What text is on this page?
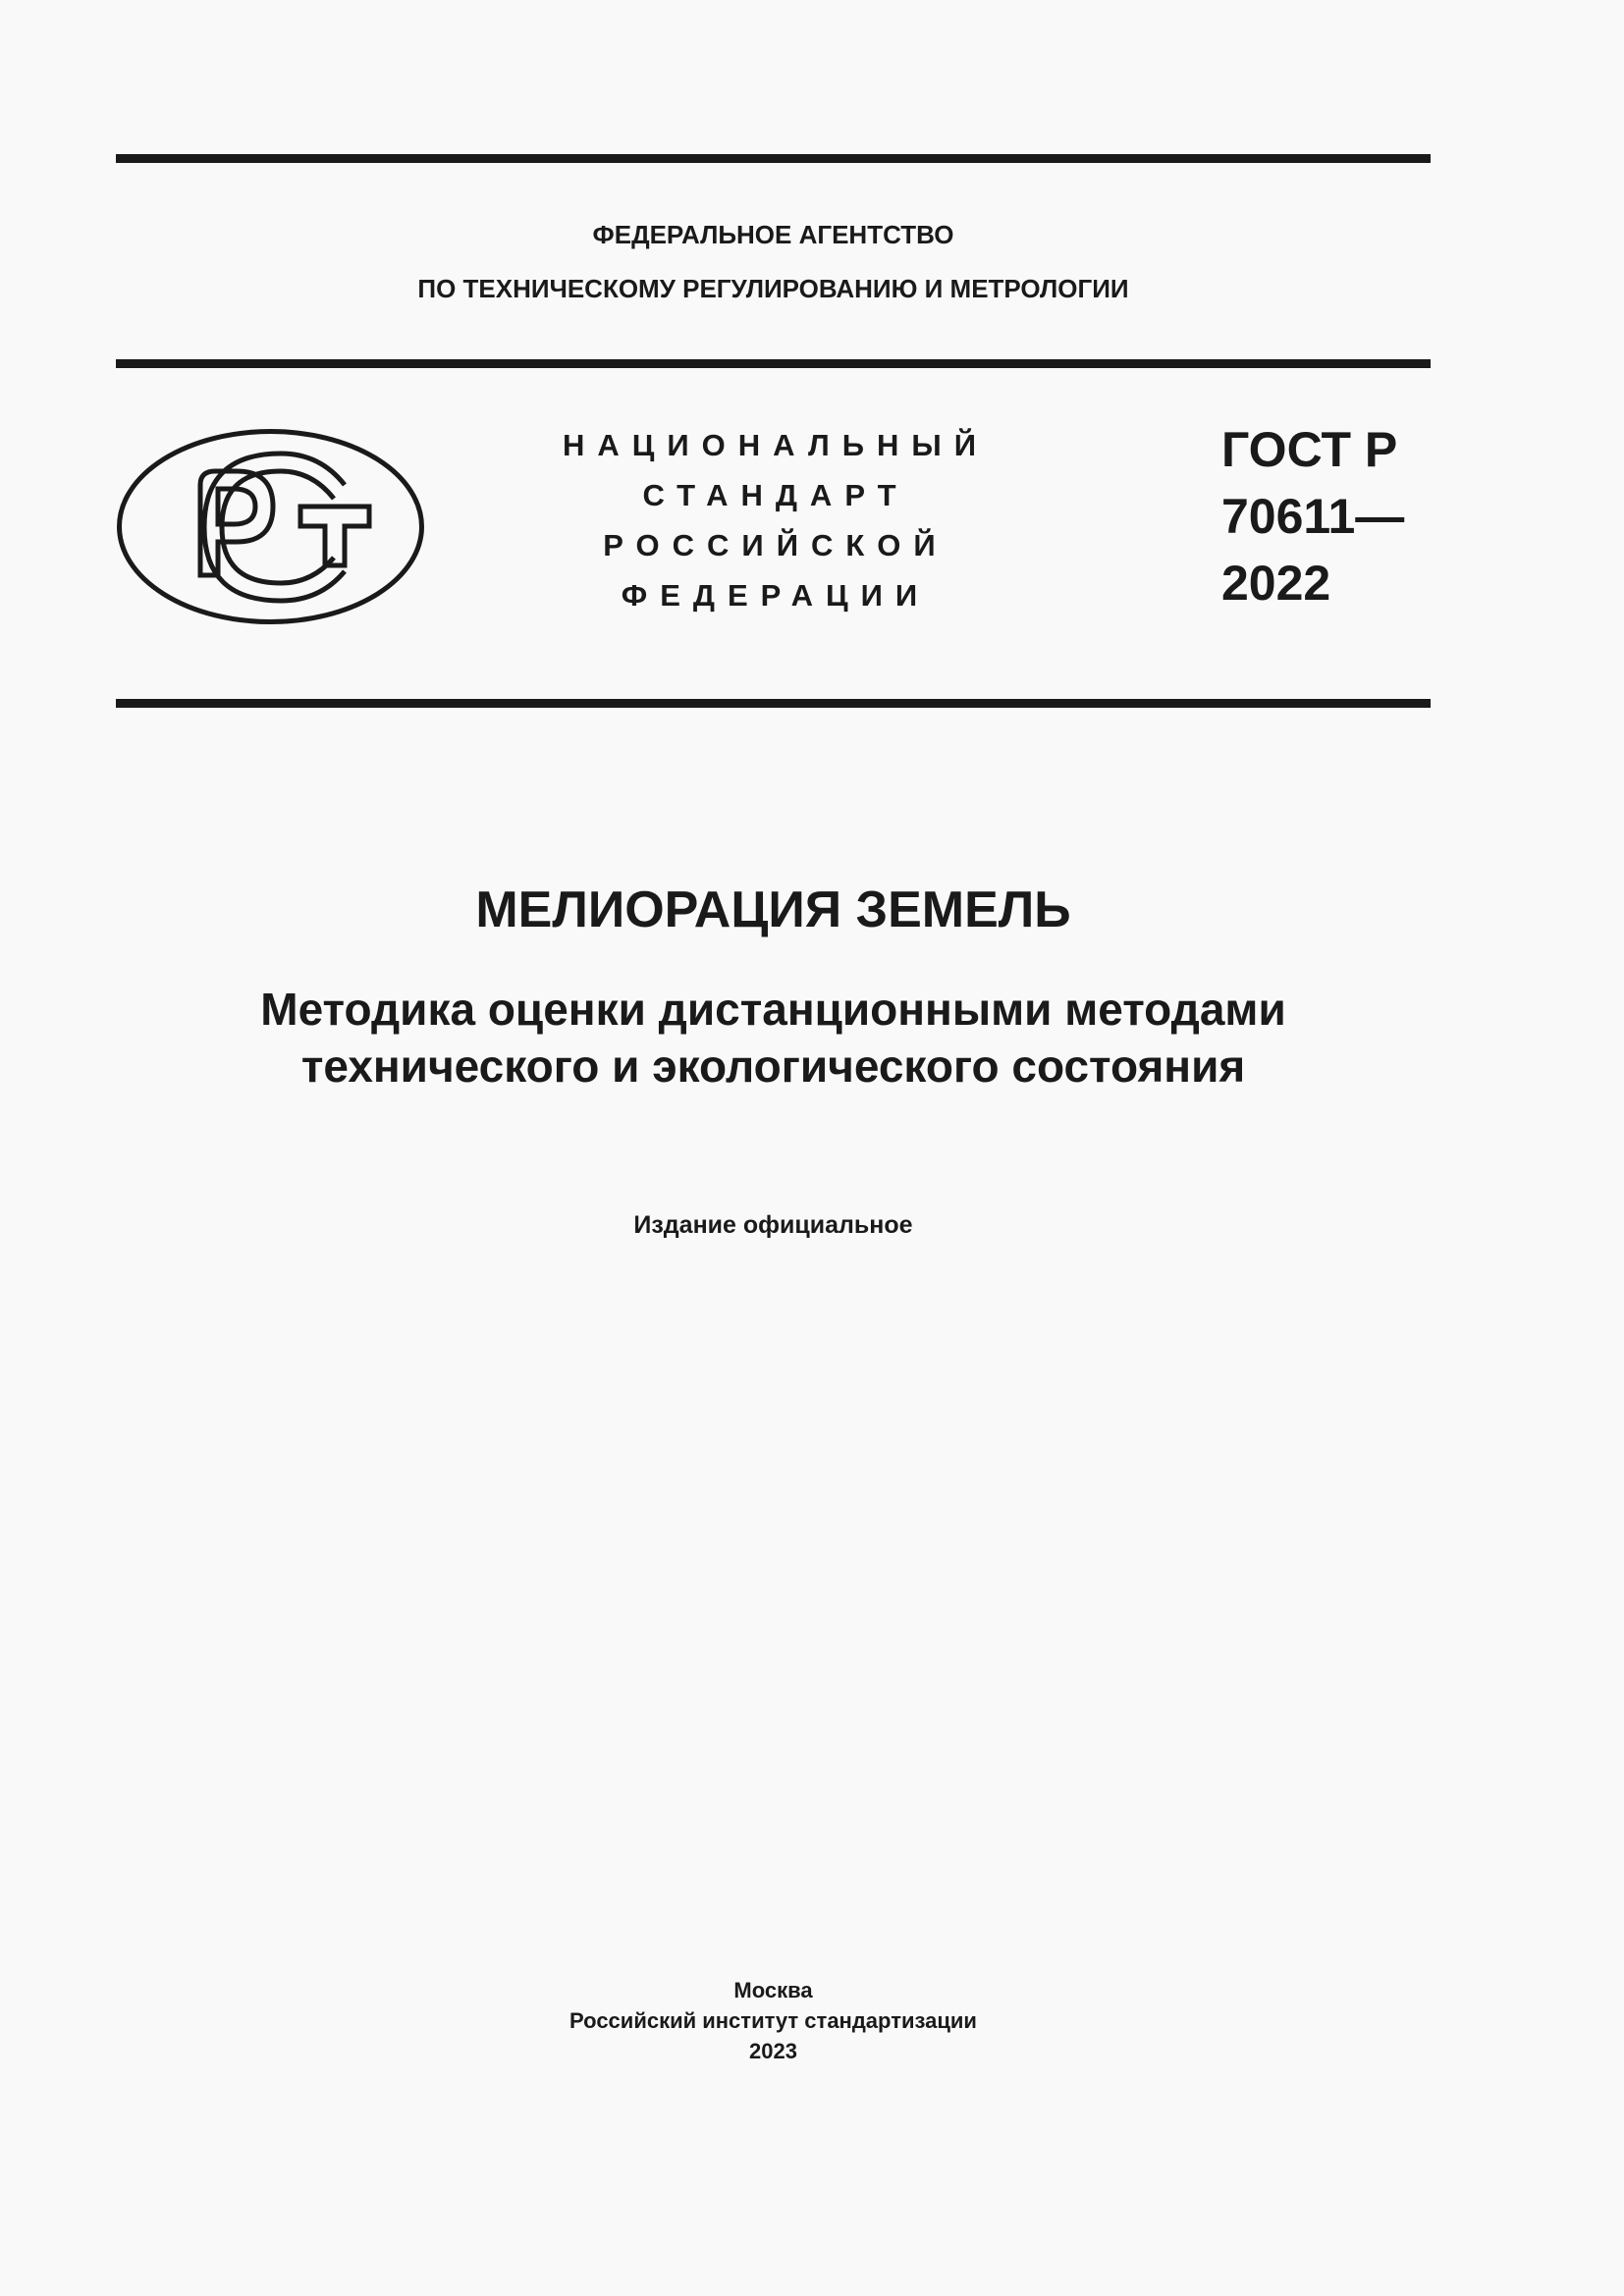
ФЕДЕРАЛЬНОЕ АГЕНТСТВО
ПО ТЕХНИЧЕСКОМУ РЕГУЛИРОВАНИЮ И МЕТРОЛОГИИ
НАЦИОНАЛЬНЫЙ
СТАНДАРТ
РОССИЙСКОЙ
ФЕДЕРАЦИИ
ГОСТ Р
70611—
2022
МЕЛИОРАЦИЯ ЗЕМЕЛЬ
Методика оценки дистанционными методами
технического и экологического состояния
Издание официальное
Москва
Российский институт стандартизации
2023
